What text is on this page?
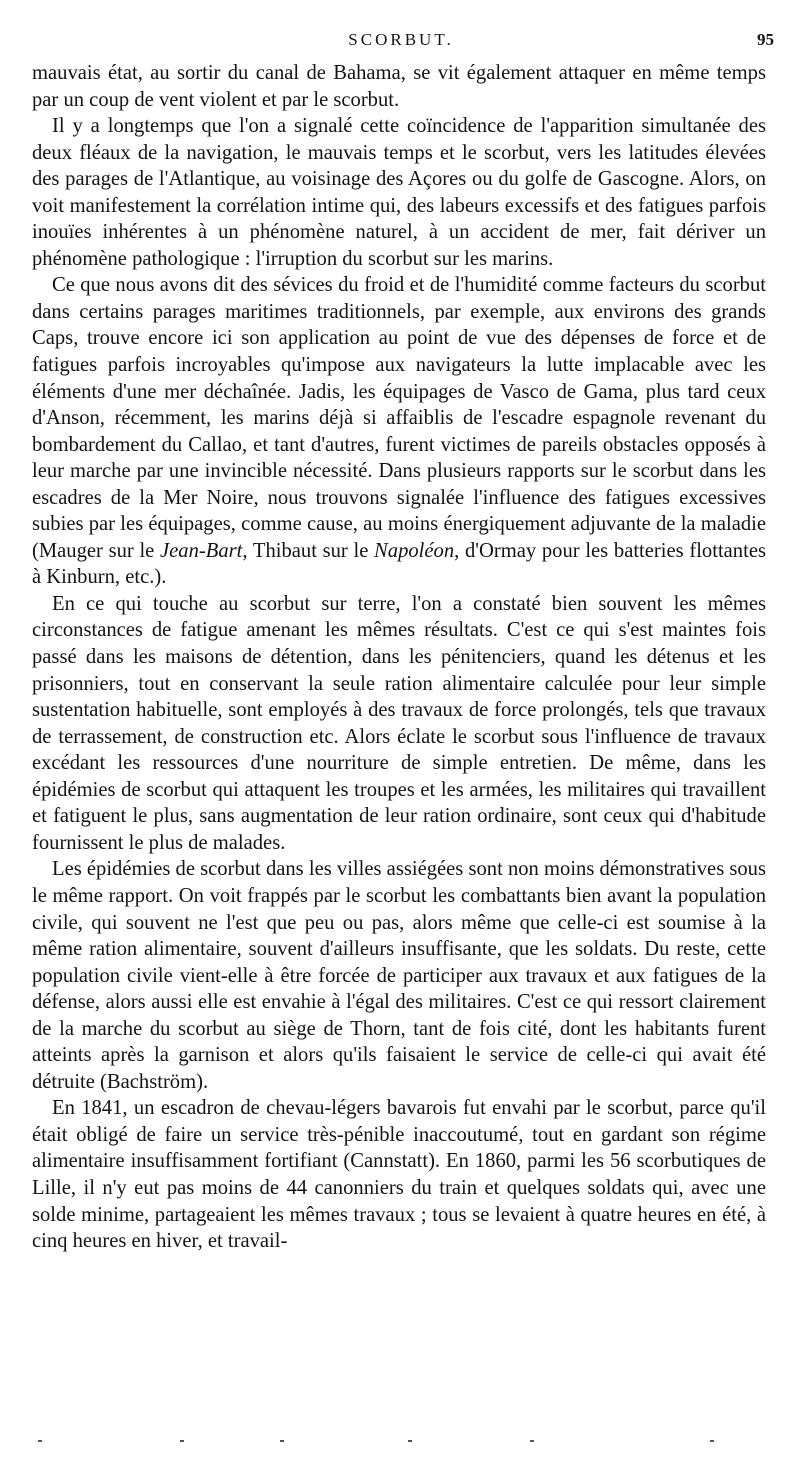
SCORBUT.	95

mauvais état, au sortir du canal de Bahama, se vit également attaquer en même temps par un coup de vent violent et par le scorbut.

Il y a longtemps que l'on a signalé cette coïncidence de l'apparition simultanée des deux fléaux de la navigation, le mauvais temps et le scorbut, vers les latitudes élevées des parages de l'Atlantique, au voisinage des Açores ou du golfe de Gascogne. Alors, on voit manifestement la corrélation intime qui, des labeurs excessifs et des fatigues parfois inouïes inhérentes à un phénomène naturel, à un accident de mer, fait dériver un phénomène pathologique : l'irruption du scorbut sur les marins.

Ce que nous avons dit des sévices du froid et de l'humidité comme facteurs du scorbut dans certains parages maritimes traditionnels, par exemple, aux environs des grands Caps, trouve encore ici son application au point de vue des dépenses de force et de fatigues parfois incroyables qu'impose aux navigateurs la lutte implacable avec les éléments d'une mer déchaînée. Jadis, les équipages de Vasco de Gama, plus tard ceux d'Anson, récemment, les marins déjà si affaiblis de l'escadre espagnole revenant du bombardement du Callao, et tant d'autres, furent victimes de pareils obstacles opposés à leur marche par une invincible nécessité. Dans plusieurs rapports sur le scorbut dans les escadres de la Mer Noire, nous trouvons signalée l'influence des fatigues excessives subies par les équipages, comme cause, au moins énergiquement adjuvante de la maladie (Mauger sur le Jean-Bart, Thibaut sur le Napoléon, d'Ormay pour les batteries flottantes à Kinburn, etc.).

En ce qui touche au scorbut sur terre, l'on a constaté bien souvent les mêmes circonstances de fatigue amenant les mêmes résultats. C'est ce qui s'est maintes fois passé dans les maisons de détention, dans les pénitenciers, quand les détenus et les prisonniers, tout en conservant la seule ration alimentaire calculée pour leur simple sustentation habituelle, sont employés à des travaux de force prolongés, tels que travaux de terrassement, de construction etc. Alors éclate le scorbut sous l'influence de travaux excédant les ressources d'une nourriture de simple entretien. De même, dans les épidémies de scorbut qui attaquent les troupes et les armées, les militaires qui travaillent et fatiguent le plus, sans augmentation de leur ration ordinaire, sont ceux qui d'habitude fournissent le plus de malades.

Les épidémies de scorbut dans les villes assiégées sont non moins démonstratives sous le même rapport. On voit frappés par le scorbut les combattants bien avant la population civile, qui souvent ne l'est que peu ou pas, alors même que celle-ci est soumise à la même ration alimentaire, souvent d'ailleurs insuffisante, que les soldats. Du reste, cette population civile vient-elle à être forcée de participer aux travaux et aux fatigues de la défense, alors aussi elle est envahie à l'égal des militaires. C'est ce qui ressort clairement de la marche du scorbut au siège de Thorn, tant de fois cité, dont les habitants furent atteints après la garnison et alors qu'ils faisaient le service de celle-ci qui avait été détruite (Bachström).

En 1841, un escadron de chevau-légers bavarois fut envahi par le scorbut, parce qu'il était obligé de faire un service très-pénible inaccoutumé, tout en gardant son régime alimentaire insuffisamment fortifiant (Cannstatt). En 1860, parmi les 56 scorbutiques de Lille, il n'y eut pas moins de 44 canonniers du train et quelques soldats qui, avec une solde minime, partageaient les mêmes travaux ; tous se levaient à quatre heures en été, à cinq heures en hiver, et travail-
